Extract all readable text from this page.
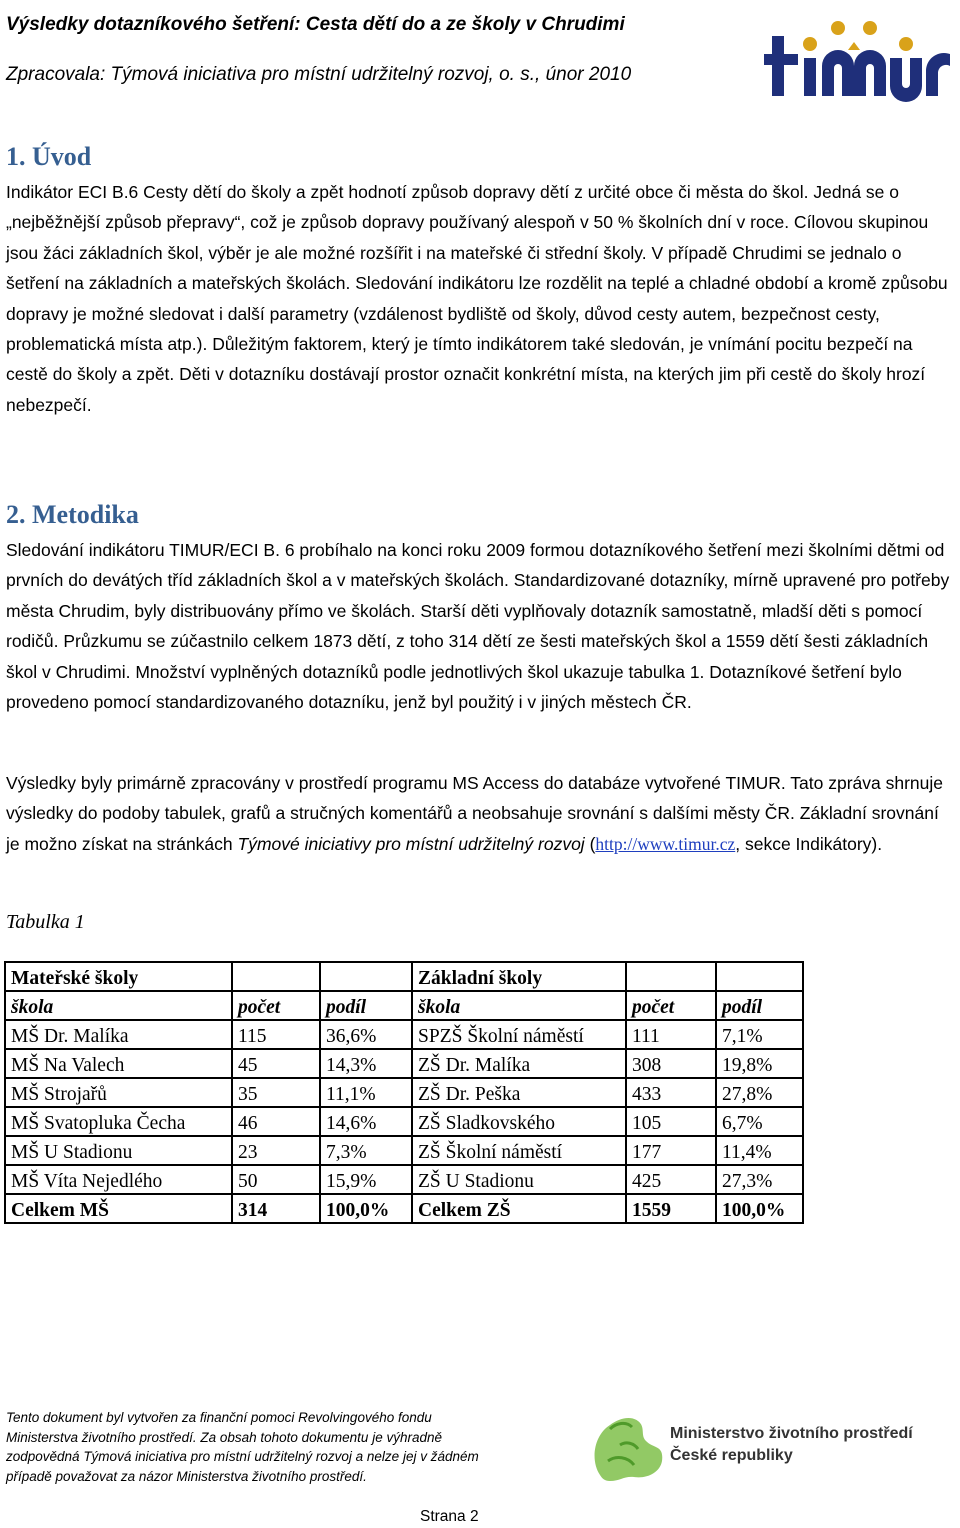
Výsledky dotazníkového šetření: Cesta dětí do a ze školy v Chrudimi
Zpracovala: Týmová iniciativa pro místní udržitelný rozvoj, o. s., únor 2010
1. Úvod

Indikátor ECI B.6 Cesty dětí do školy a zpět hodnotí způsob dopravy dětí z určité obce či města do škol. Jedná se o „nejběžnější způsob přepravy“, což je způsob dopravy používaný alespoň v 50 % školních dní v roce. Cílovou skupinou jsou žáci základních škol, výběr je ale možné rozšířit i na mateřské či střední školy. V případě Chrudimi se jednalo o šetření na základních a mateřských školách. Sledování indikátoru lze rozdělit na teplé a chladné období a kromě způsobu dopravy je možné sledovat i další parametry (vzdálenost bydliště od školy, důvod cesty autem, bezpečnost cesty, problematická místa atp.). Důležitým faktorem, který je tímto indikátorem také sledován, je vnímání pocitu bezpečí na cestě do školy a zpět. Děti v dotazníku dostávají prostor označit konkrétní místa, na kterých jim při cestě do školy hrozí nebezpečí.

2. Metodika

Sledování indikátoru TIMUR/ECI B. 6 probíhalo na konci roku 2009 formou dotazníkového šetření mezi školními dětmi od prvních do devátých tříd základních škol a v mateřských školách. Standardizované dotazníky, mírně upravené pro potřeby města Chrudim, byly distribuovány přímo ve školách. Starší děti vyplňovaly dotazník samostatně, mladší děti s pomocí rodičů. Průzkumu se zúčastnilo celkem 1873 dětí, z toho 314 dětí ze šesti mateřských škol a 1559 dětí šesti základních škol v Chrudimi. Množství vyplněných dotazníků podle jednotlivých škol ukazuje tabulka 1. Dotazníkové šetření bylo provedeno pomocí standardizovaného dotazníku, jenž byl použitý i v jiných městech ČR.

Výsledky byly primárně zpracovány v prostředí programu MS Access do databáze vytvořené TIMUR. Tato zpráva shrnuje výsledky do podoby tabulek, grafů a stručných komentářů a neobsahuje srovnání s dalšími městy ČR. Základní srovnání je možno získat na stránkách Týmové iniciativy pro místní udržitelný rozvoj (http://www.timur.cz, sekce Indikátory).

Tabulka 1
Mateřské školy			Základní školy		
škola	počet	podíl	škola	počet	podíl
MŠ Dr. Malíka	115	36,6%	SPZŠ Školní náměstí	111	7,1%
MŠ Na Valech	45	14,3%	ZŠ Dr. Malíka	308	19,8%
MŠ Strojařů	35	11,1%	ZŠ Dr. Peška	433	27,8%
MŠ Svatopluka Čecha	46	14,6%	ZŠ Sladkovského	105	6,7%
MŠ U Stadionu	23	7,3%	ZŠ Školní náměstí	177	11,4%
MŠ Víta Nejedlého	50	15,9%	ZŠ U Stadionu	425	27,3%
Celkem MŠ	314	100,0%	Celkem ZŠ	1559	100,0%
Tento dokument byl vytvořen za finanční pomoci Revolvingového fondu Ministerstva životního prostředí. Za obsah tohoto dokumentu je výhradně zodpovědná Týmová iniciativa pro místní udržitelný rozvoj a nelze jej v žádném případě považovat za názor Ministerstva životního prostředí.
Ministerstvo životního prostředí
České republiky
Strana 2
